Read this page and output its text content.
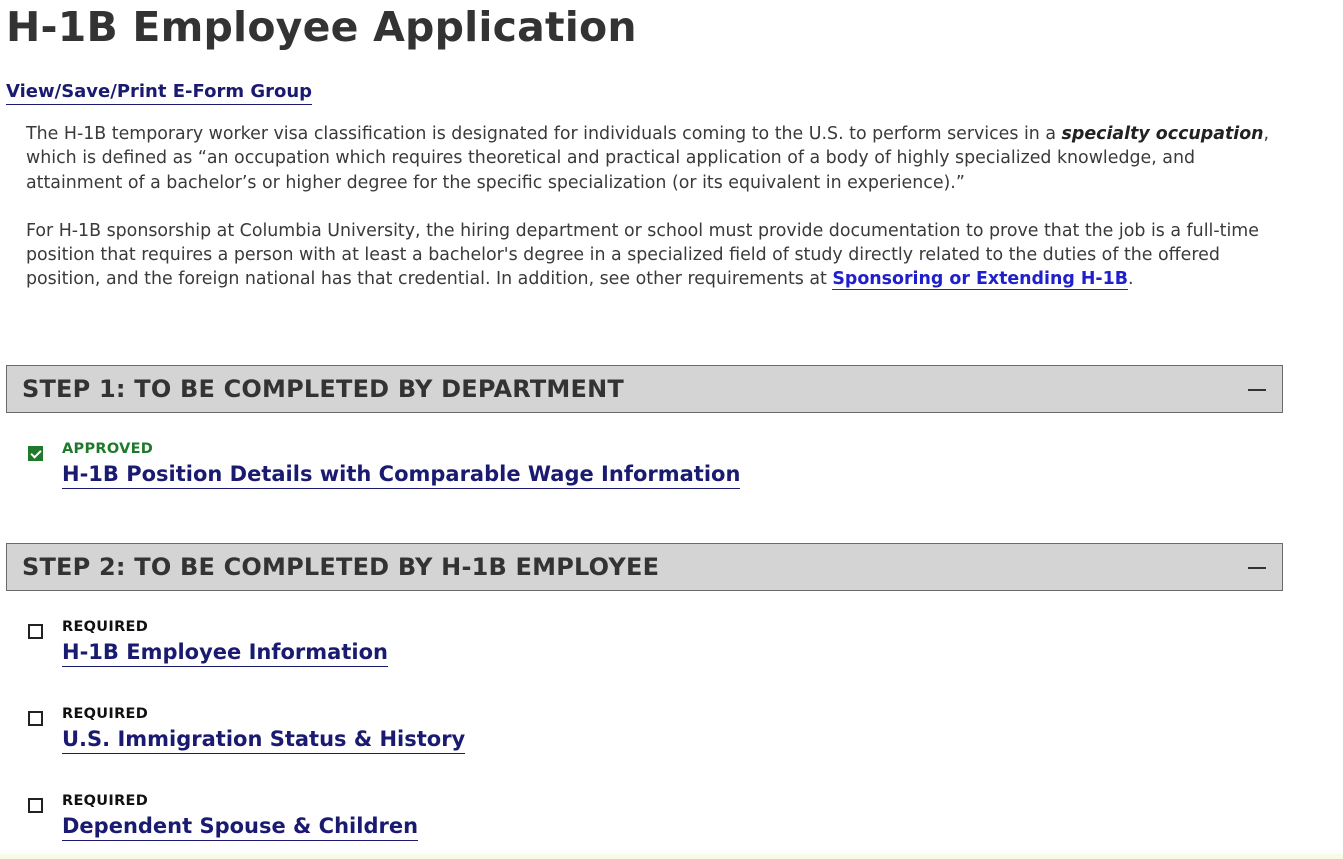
H-1B Employee Application
View/Save/Print E-Form Group

The H-1B temporary worker visa classification is designated for individuals coming to the U.S. to perform services in a specialty occupation, which is defined as “an occupation which requires theoretical and practical application of a body of highly specialized knowledge, and attainment of a bachelor’s or higher degree for the specific specialization (or its equivalent in experience).”

For H-1B sponsorship at Columbia University, the hiring department or school must provide documentation to prove that the job is a full-time position that requires a person with at least a bachelor's degree in a specialized field of study directly related to the duties of the offered position, and the foreign national has that credential. In addition, see other requirements at Sponsoring or Extending H-1B.

STEP 1: TO BE COMPLETED BY DEPARTMENT
APPROVED
H-1B Position Details with Comparable Wage Information
STEP 2: TO BE COMPLETED BY H-1B EMPLOYEE
REQUIRED
H-1B Employee Information
REQUIRED
U.S. Immigration Status & History
REQUIRED
Dependent Spouse & Children
